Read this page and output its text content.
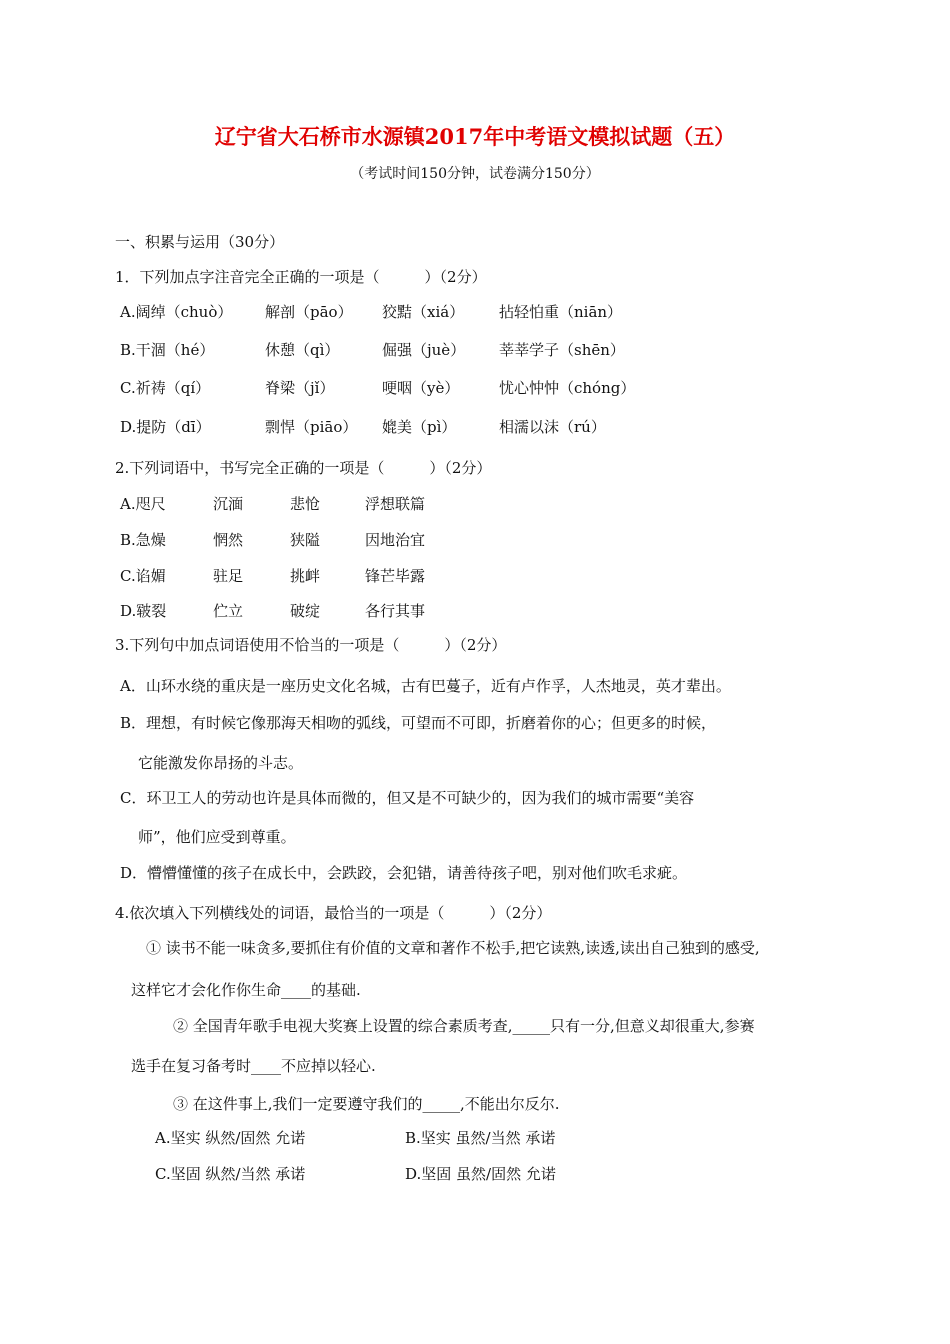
辽宁省大石桥市水源镇2017年中考语文模拟试题（五）
（考试时间150分钟，试卷满分150分）
一、积累与运用（30分）
1．下列加点字注音完全正确的一项是（　　　）（2分）
A.阔绰（chuò） 解剖（pāo） 狡黠（xiá） 拈轻怕重（niān）
B.干涸（hé）	休憩（qì）	倔强（juè） 莘莘学子（shēn）
C.祈祷（qí）	脊梁（jǐ）	哽咽（yè）	忧心忡忡（chóng）
D.提防（dī）	剽悍（piāo） 媲美（pì）	相濡以沫（rú）
2.下列词语中，书写完全正确的一项是（　　　）（2分）
A.咫尺	沉湎	悲怆	浮想联篇
B.急燥	惘然	狭隘	因地治宜
C.谄媚	驻足	挑衅	锋芒毕露
D.皲裂	伫立	破绽	各行其事
3.下列句中加点词语使用不恰当的一项是（　　　）（2分）
A．山环水绕的重庆是一座历史文化名城，古有巴蔓子，近有卢作孚，人杰地灵，英才辈出。
B．理想，有时候它像那海天相吻的弧线，可望而不可即，折磨着你的心；但更多的时候，
它能激发你昂扬的斗志。
C．环卫工人的劳动也许是具体而微的，但又是不可缺少的，因为我们的城市需要“美容
师”，他们应受到尊重。
D．懵懵懂懂的孩子在成长中，会跌跤，会犯错，请善待孩子吧，别对他们吹毛求疵。
4.依次填入下列横线处的词语，最恰当的一项是（　　　）（2分）
① 读书不能一味贪多,要抓住有价值的文章和著作不松手,把它读熟,读透,读出自己独到的感受,
这样它才会化作你生命____的基础.
② 全国青年歌手电视大奖赛上设置的综合素质考查,_____只有一分,但意义却很重大,参赛
选手在复习备考时____不应掉以轻心.
③ 在这件事上,我们一定要遵守我们的_____,不能出尔反尔.
A.坚实 纵然/固然 允诺	B.坚实 虽然/当然 承诺
C.坚固 纵然/当然 承诺	D.坚固 虽然/固然 允诺
